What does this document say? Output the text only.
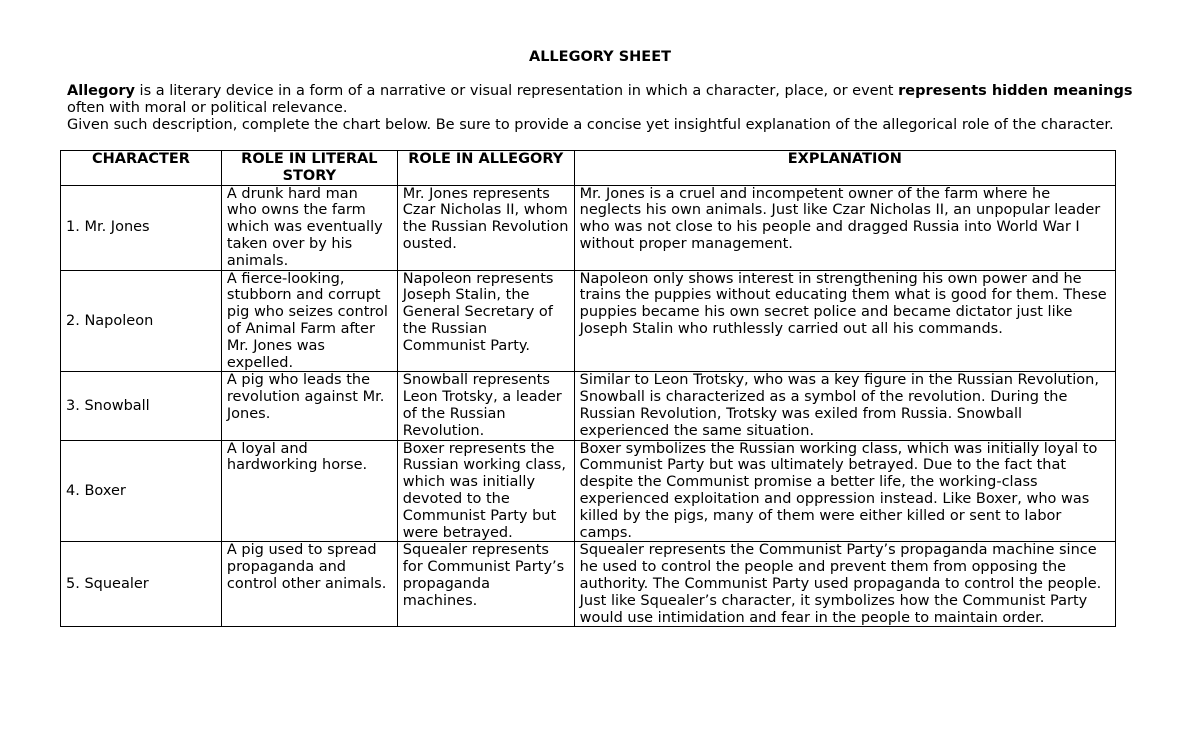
ALLEGORY SHEET

Allegory is a literary device in a form of a narrative or visual representation in which a character, place, or event represents hidden meanings often with moral or political relevance.

Given such description, complete the chart below. Be sure to provide a concise yet insightful explanation of the allegorical role of the character.

CHARACTER	ROLE IN LITERAL STORY	ROLE IN ALLEGORY	EXPLANATION
1. Mr. Jones	A drunk hard man who owns the farm which was eventually taken over by his animals.	Mr. Jones represents Czar Nicholas II, whom the Russian Revolution ousted.	Mr. Jones is a cruel and incompetent owner of the farm where he neglects his own animals. Just like Czar Nicholas II, an unpopular leader who was not close to his people and dragged Russia into World War I without proper management.
2. Napoleon	A fierce-looking, stubborn and corrupt pig who seizes control of Animal Farm after Mr. Jones was expelled.	Napoleon represents Joseph Stalin, the General Secretary of the Russian Communist Party.	Napoleon only shows interest in strengthening his own power and he trains the puppies without educating them what is good for them. These puppies became his own secret police and became dictator just like Joseph Stalin who ruthlessly carried out all his commands.
3. Snowball	A pig who leads the revolution against Mr. Jones.	Snowball represents Leon Trotsky, a leader of the Russian Revolution.	Similar to Leon Trotsky, who was a key figure in the Russian Revolution, Snowball is characterized as a symbol of the revolution. During the Russian Revolution, Trotsky was exiled from Russia. Snowball experienced the same situation.
4. Boxer	A loyal and hardworking horse.	Boxer represents the Russian working class, which was initially devoted to the Communist Party but were betrayed.	Boxer symbolizes the Russian working class, which was initially loyal to Communist Party but was ultimately betrayed. Due to the fact that despite the Communist promise a better life, the working-class experienced exploitation and oppression instead. Like Boxer, who was killed by the pigs, many of them were either killed or sent to labor camps.
5. Squealer	A pig used to spread propaganda and control other animals.	Squealer represents for Communist Party’s propaganda machines.	Squealer represents the Communist Party’s propaganda machine since he used to control the people and prevent them from opposing the authority. The Communist Party used propaganda to control the people. Just like Squealer’s character, it symbolizes how the Communist Party would use intimidation and fear in the people to maintain order.
